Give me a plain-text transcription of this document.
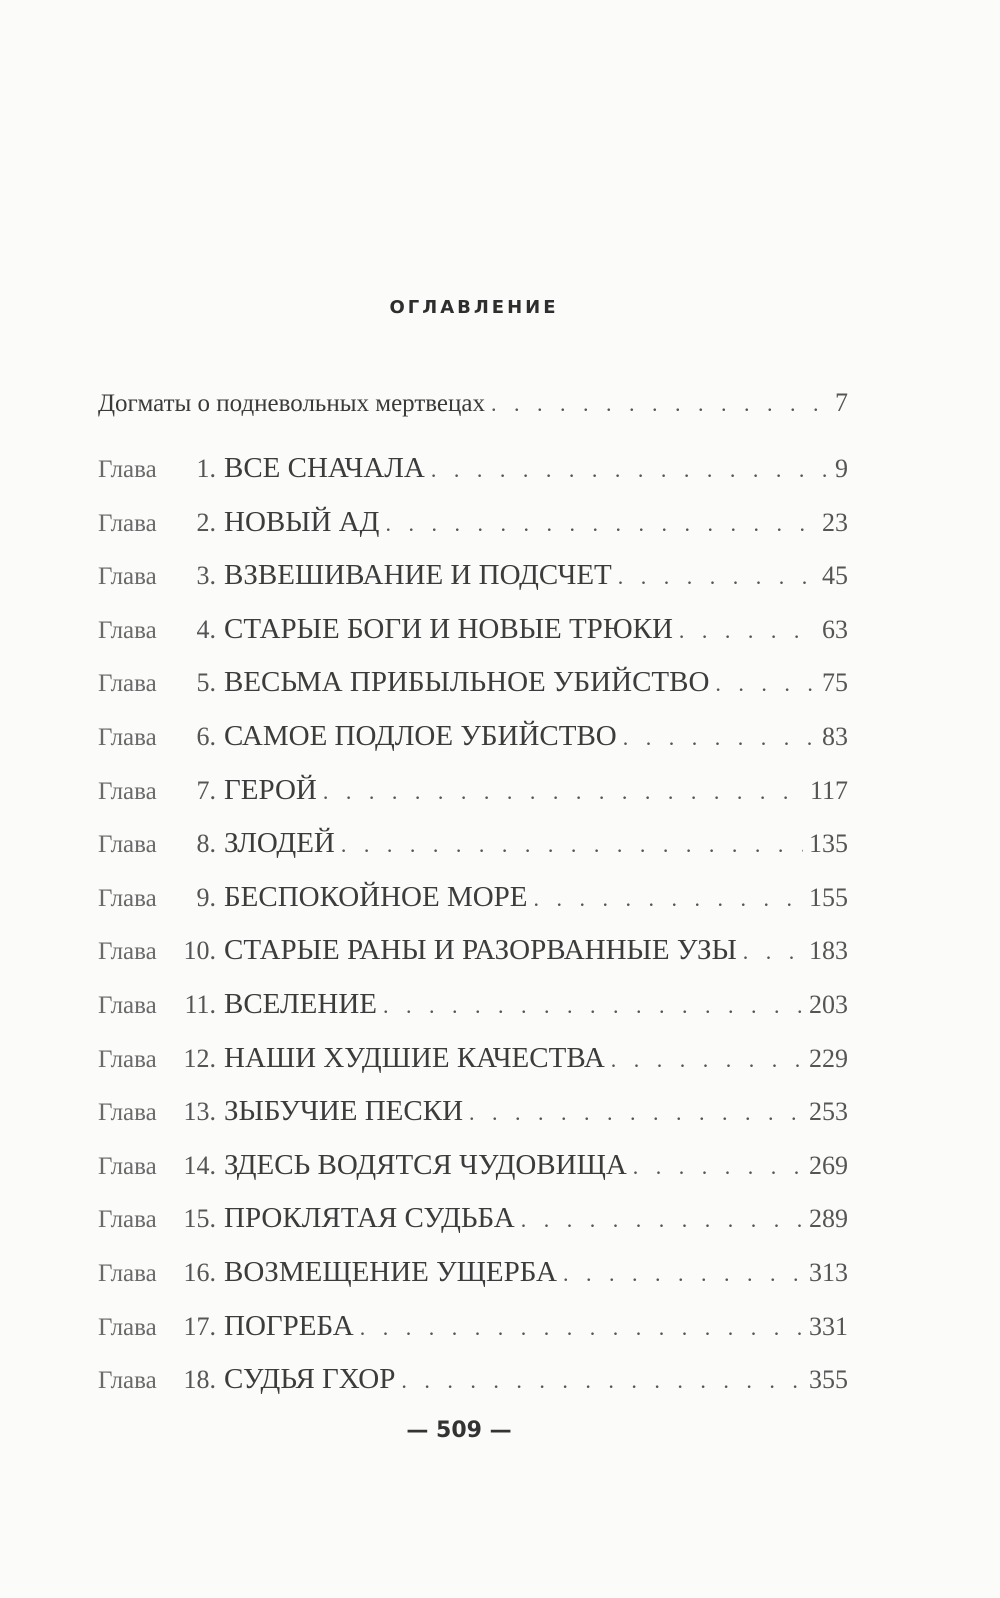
оглавление
Догматы о подневольных мертвецах . . .	7
Глава 1. ВСЕ СНАЧАЛА . . .	9
Глава 2. НОВЫЙ АД . . .	23
Глава 3. ВЗВЕШИВАНИЕ И ПОДСЧЕТ . . .	45
Глава 4. СТАРЫЕ БОГИ И НОВЫЕ ТРЮКИ . . .	63
Глава 5. ВЕСЬМА ПРИБЫЛЬНОЕ УБИЙСТВО . . .	75
Глава 6. САМОЕ ПОДЛОЕ УБИЙСТВО . . .	83
Глава 7. ГЕРОЙ . . .	117
Глава 8. ЗЛОДЕЙ . . .	135
Глава 9. БЕСПОКОЙНОЕ МОРЕ . . .	155
Глава 10. СТАРЫЕ РАНЫ И РАЗОРВАННЫЕ УЗЫ . . .	183
Глава 11. ВСЕЛЕНИЕ . . .	203
Глава 12. НАШИ ХУДШИЕ КАЧЕСТВА . . .	229
Глава 13. ЗЫБУЧИЕ ПЕСКИ . . .	253
Глава 14. ЗДЕСЬ ВОДЯТСЯ ЧУДОВИЩА . . .	269
Глава 15. ПРОКЛЯТАЯ СУДЬБА . . .	289
Глава 16. ВОЗМЕЩЕНИЕ УЩЕРБА . . .	313
Глава 17. ПОГРЕБА . . .	331
Глава 18. СУДЬЯ ГХОР . . .	355
— 509 —
